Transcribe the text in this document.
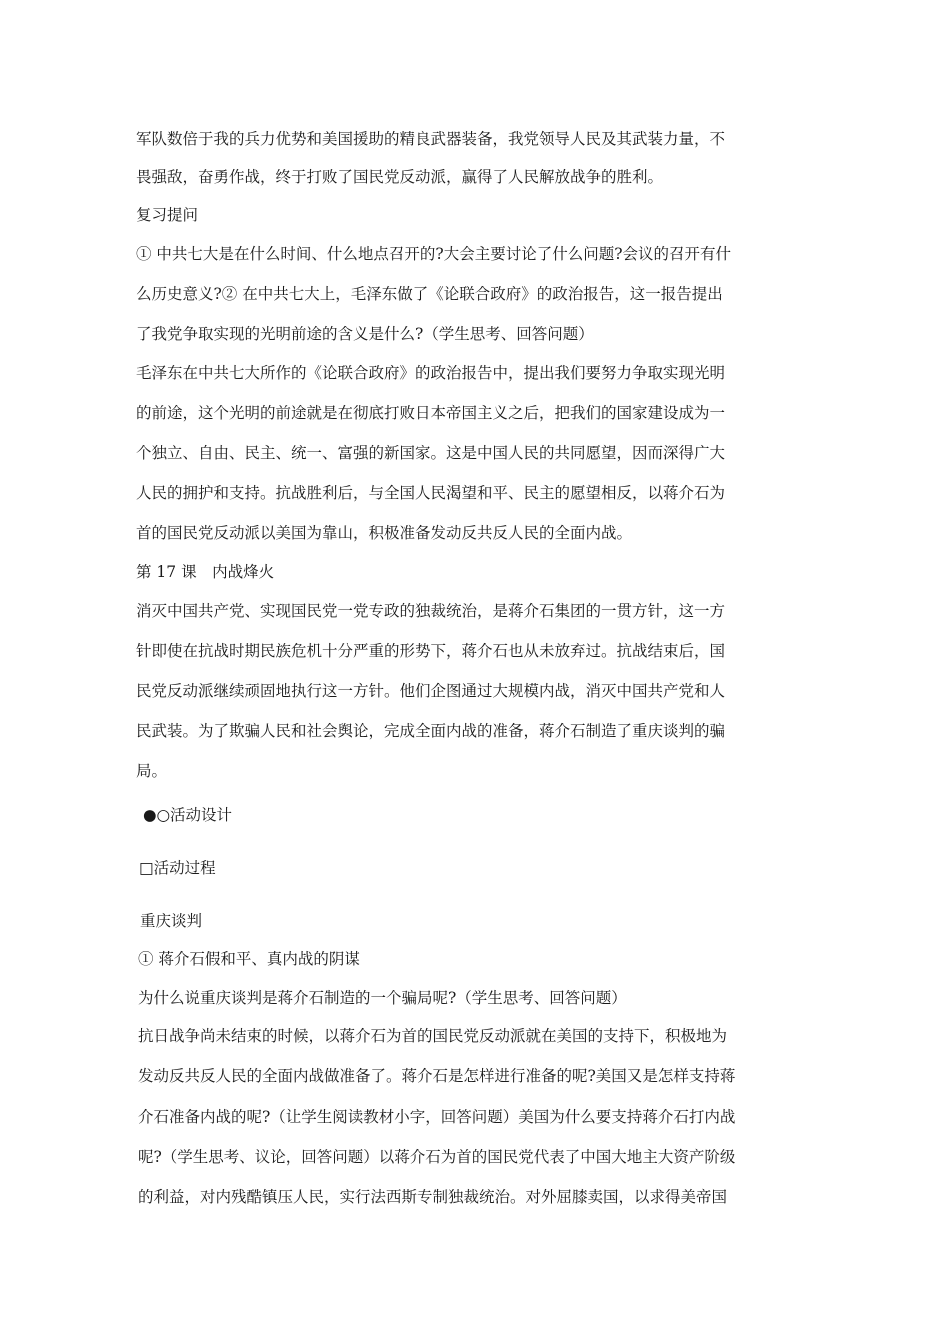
军队数倍于我的兵力优势和美国援助的精良武器装备，我党领导人民及其武装力量，不
畏强敌，奋勇作战，终于打败了国民党反动派，赢得了人民解放战争的胜利。
复习提问
① 中共七大是在什么时间、什么地点召开的?大会主要讨论了什么问题?会议的召开有什
么历史意义?② 在中共七大上，毛泽东做了《论联合政府》的政治报告，这一报告提出
了我党争取实现的光明前途的含义是什么?（学生思考、回答问题）
毛泽东在中共七大所作的《论联合政府》的政治报告中，提出我们要努力争取实现光明
的前途，这个光明的前途就是在彻底打败日本帝国主义之后，把我们的国家建设成为一
个独立、自由、民主、统一、富强的新国家。这是中国人民的共同愿望，因而深得广大
人民的拥护和支持。抗战胜利后，与全国人民渴望和平、民主的愿望相反，以蒋介石为
首的国民党反动派以美国为靠山，积极准备发动反共反人民的全面内战。
第 17 课　内战烽火
消灭中国共产党、实现国民党一党专政的独裁统治，是蒋介石集团的一贯方针，这一方
针即使在抗战时期民族危机十分严重的形势下，蒋介石也从未放弃过。抗战结束后，国
民党反动派继续顽固地执行这一方针。他们企图通过大规模内战，消灭中国共产党和人
民武装。为了欺骗人民和社会舆论，完成全面内战的准备，蒋介石制造了重庆谈判的骗
局。
●○活动设计
□活动过程
重庆谈判
① 蒋介石假和平、真内战的阴谋
为什么说重庆谈判是蒋介石制造的一个骗局呢?（学生思考、回答问题）
抗日战争尚未结束的时候，以蒋介石为首的国民党反动派就在美国的支持下，积极地为
发动反共反人民的全面内战做准备了。蒋介石是怎样进行准备的呢?美国又是怎样支持蒋
介石准备内战的呢?（让学生阅读教材小字，回答问题）美国为什么要支持蒋介石打内战
呢?（学生思考、议论，回答问题）以蒋介石为首的国民党代表了中国大地主大资产阶级
的利益，对内残酷镇压人民，实行法西斯专制独裁统治。对外屈膝卖国，以求得美帝国
